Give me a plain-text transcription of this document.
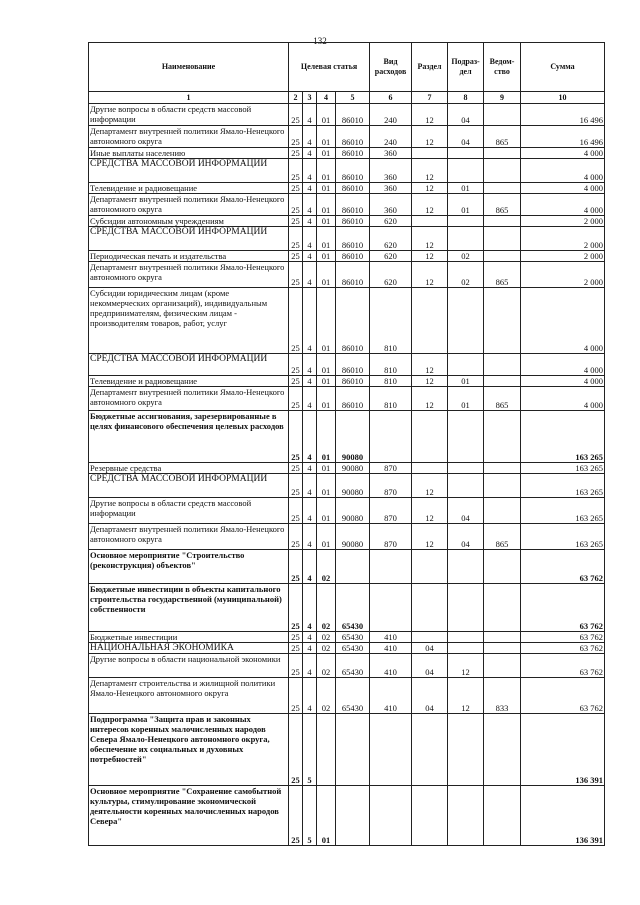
132
Наименование	Целевая статья				Вид расходов	Раздел	Подраз-дел	Ведом-ство	Сумма
1	2	3	4	5	6	7	8	9	10
Другие вопросы в области средств массовой информации	25	4	01	86010	240	12	04		16 496
Департамент внутренней политики Ямало-Ненецкого автономного округа	25	4	01	86010	240	12	04	865	16 496
Иные выплаты населению	25	4	01	86010	360				4 000
СРЕДСТВА МАССОВОЙ ИНФОРМАЦИИ	25	4	01	86010	360	12			4 000
Телевидение и радиовещание	25	4	01	86010	360	12	01		4 000
Департамент внутренней политики Ямало-Ненецкого автономного округа	25	4	01	86010	360	12	01	865	4 000
Субсидии автономным учреждениям	25	4	01	86010	620				2 000
СРЕДСТВА МАССОВОЙ ИНФОРМАЦИИ	25	4	01	86010	620	12			2 000
Периодическая печать и издательства	25	4	01	86010	620	12	02		2 000
Департамент внутренней политики Ямало-Ненецкого автономного округа	25	4	01	86010	620	12	02	865	2 000
Субсидии юридическим лицам (кроме некоммерческих организаций), индивидуальным предпринимателям, физическим лицам - производителям товаров, работ, услуг	25	4	01	86010	810				4 000
СРЕДСТВА МАССОВОЙ ИНФОРМАЦИИ	25	4	01	86010	810	12			4 000
Телевидение и радиовещание	25	4	01	86010	810	12	01		4 000
Департамент внутренней политики Ямало-Ненецкого автономного округа	25	4	01	86010	810	12	01	865	4 000
Бюджетные ассигнования, зарезервированные в целях финансового обеспечения целевых расходов	25	4	01	90080					163 265
Резервные средства	25	4	01	90080	870				163 265
СРЕДСТВА МАССОВОЙ ИНФОРМАЦИИ	25	4	01	90080	870	12			163 265
Другие вопросы в области средств массовой информации	25	4	01	90080	870	12	04		163 265
Департамент внутренней политики Ямало-Ненецкого автономного округа	25	4	01	90080	870	12	04	865	163 265
Основное мероприятие "Строительство (реконструкция) объектов"	25	4	02						63 762
Бюджетные инвестиции в объекты капитального строительства государственной (муниципальной) собственности	25	4	02	65430					63 762
Бюджетные инвестиции	25	4	02	65430	410				63 762
НАЦИОНАЛЬНАЯ ЭКОНОМИКА	25	4	02	65430	410	04			63 762
Другие вопросы в области национальной экономики	25	4	02	65430	410	04	12		63 762
Департамент строительства и жилищной политики Ямало-Ненецкого автономного округа	25	4	02	65430	410	04	12	833	63 762
Подпрограмма "Защита прав и законных интересов коренных малочисленных народов Севера Ямало-Ненецкого автономного округа, обеспечение их социальных и духовных потребностей"	25	5							136 391
Основное мероприятие "Сохранение самобытной культуры, стимулирование экономической деятельности коренных малочисленных народов Севера"	25	5	01						136 391
